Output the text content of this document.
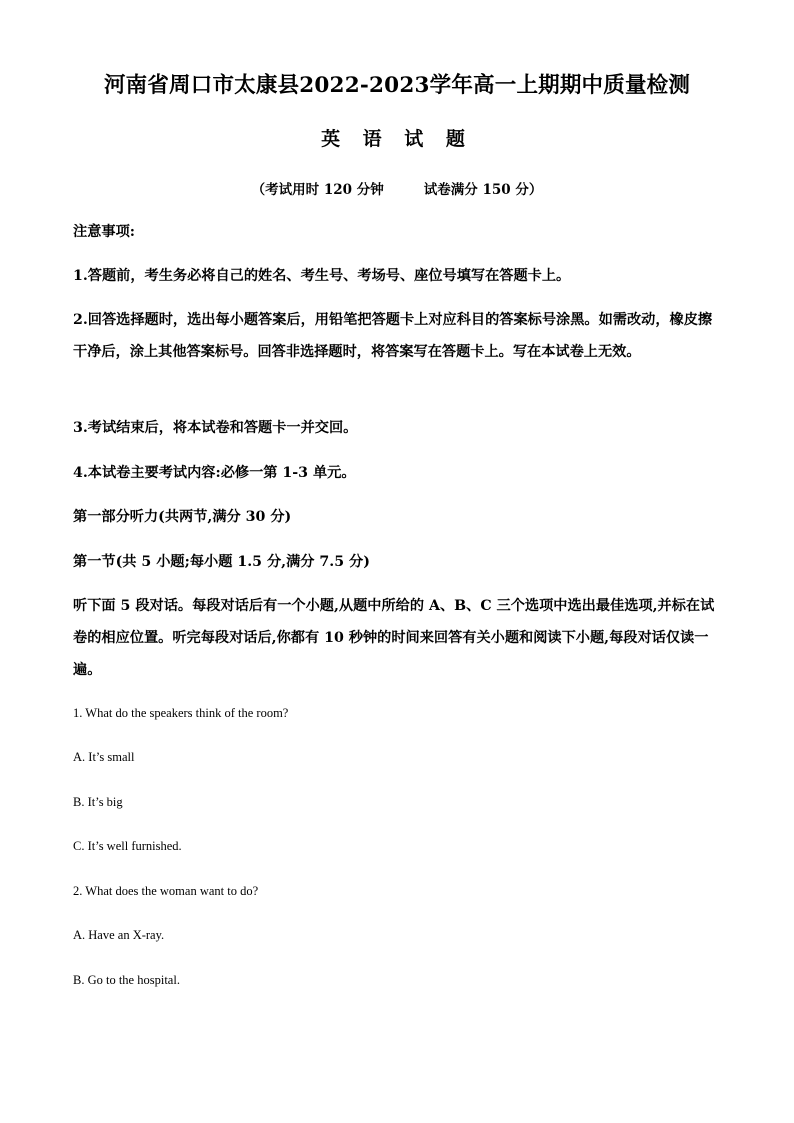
河南省周口市太康县2022-2023学年高一上期期中质量检测
英 语 试 题
（考试用时 120 分钟	试卷满分 150 分）
注意事项:
1.答题前，考生务必将自己的姓名、考生号、考场号、座位号填写在答题卡上。
2.回答选择题时，选出每小题答案后，用铅笔把答题卡上对应科目的答案标号涂黑。如需改动，橡皮擦干净后，涂上其他答案标号。回答非选择题时，将答案写在答题卡上。写在本试卷上无效。
3.考试结束后，将本试卷和答题卡一并交回。
4.本试卷主要考试内容:必修一第 1-3 单元。
第一部分听力(共两节,满分 30 分)
第一节(共 5 小题;每小题 1.5 分,满分 7.5 分)
听下面 5 段对话。每段对话后有一个小题,从题中所给的 A、B、C 三个选项中选出最佳选项,并标在试卷的相应位置。听完每段对话后,你都有 10 秒钟的时间来回答有关小题和阅读下小题,每段对话仅读一遍。
1. What do the speakers think of the room?
A. It’s small
B. It’s big
C. It’s well furnished.
2. What does the woman want to do?
A. Have an X-ray.
B. Go to the hospital.
